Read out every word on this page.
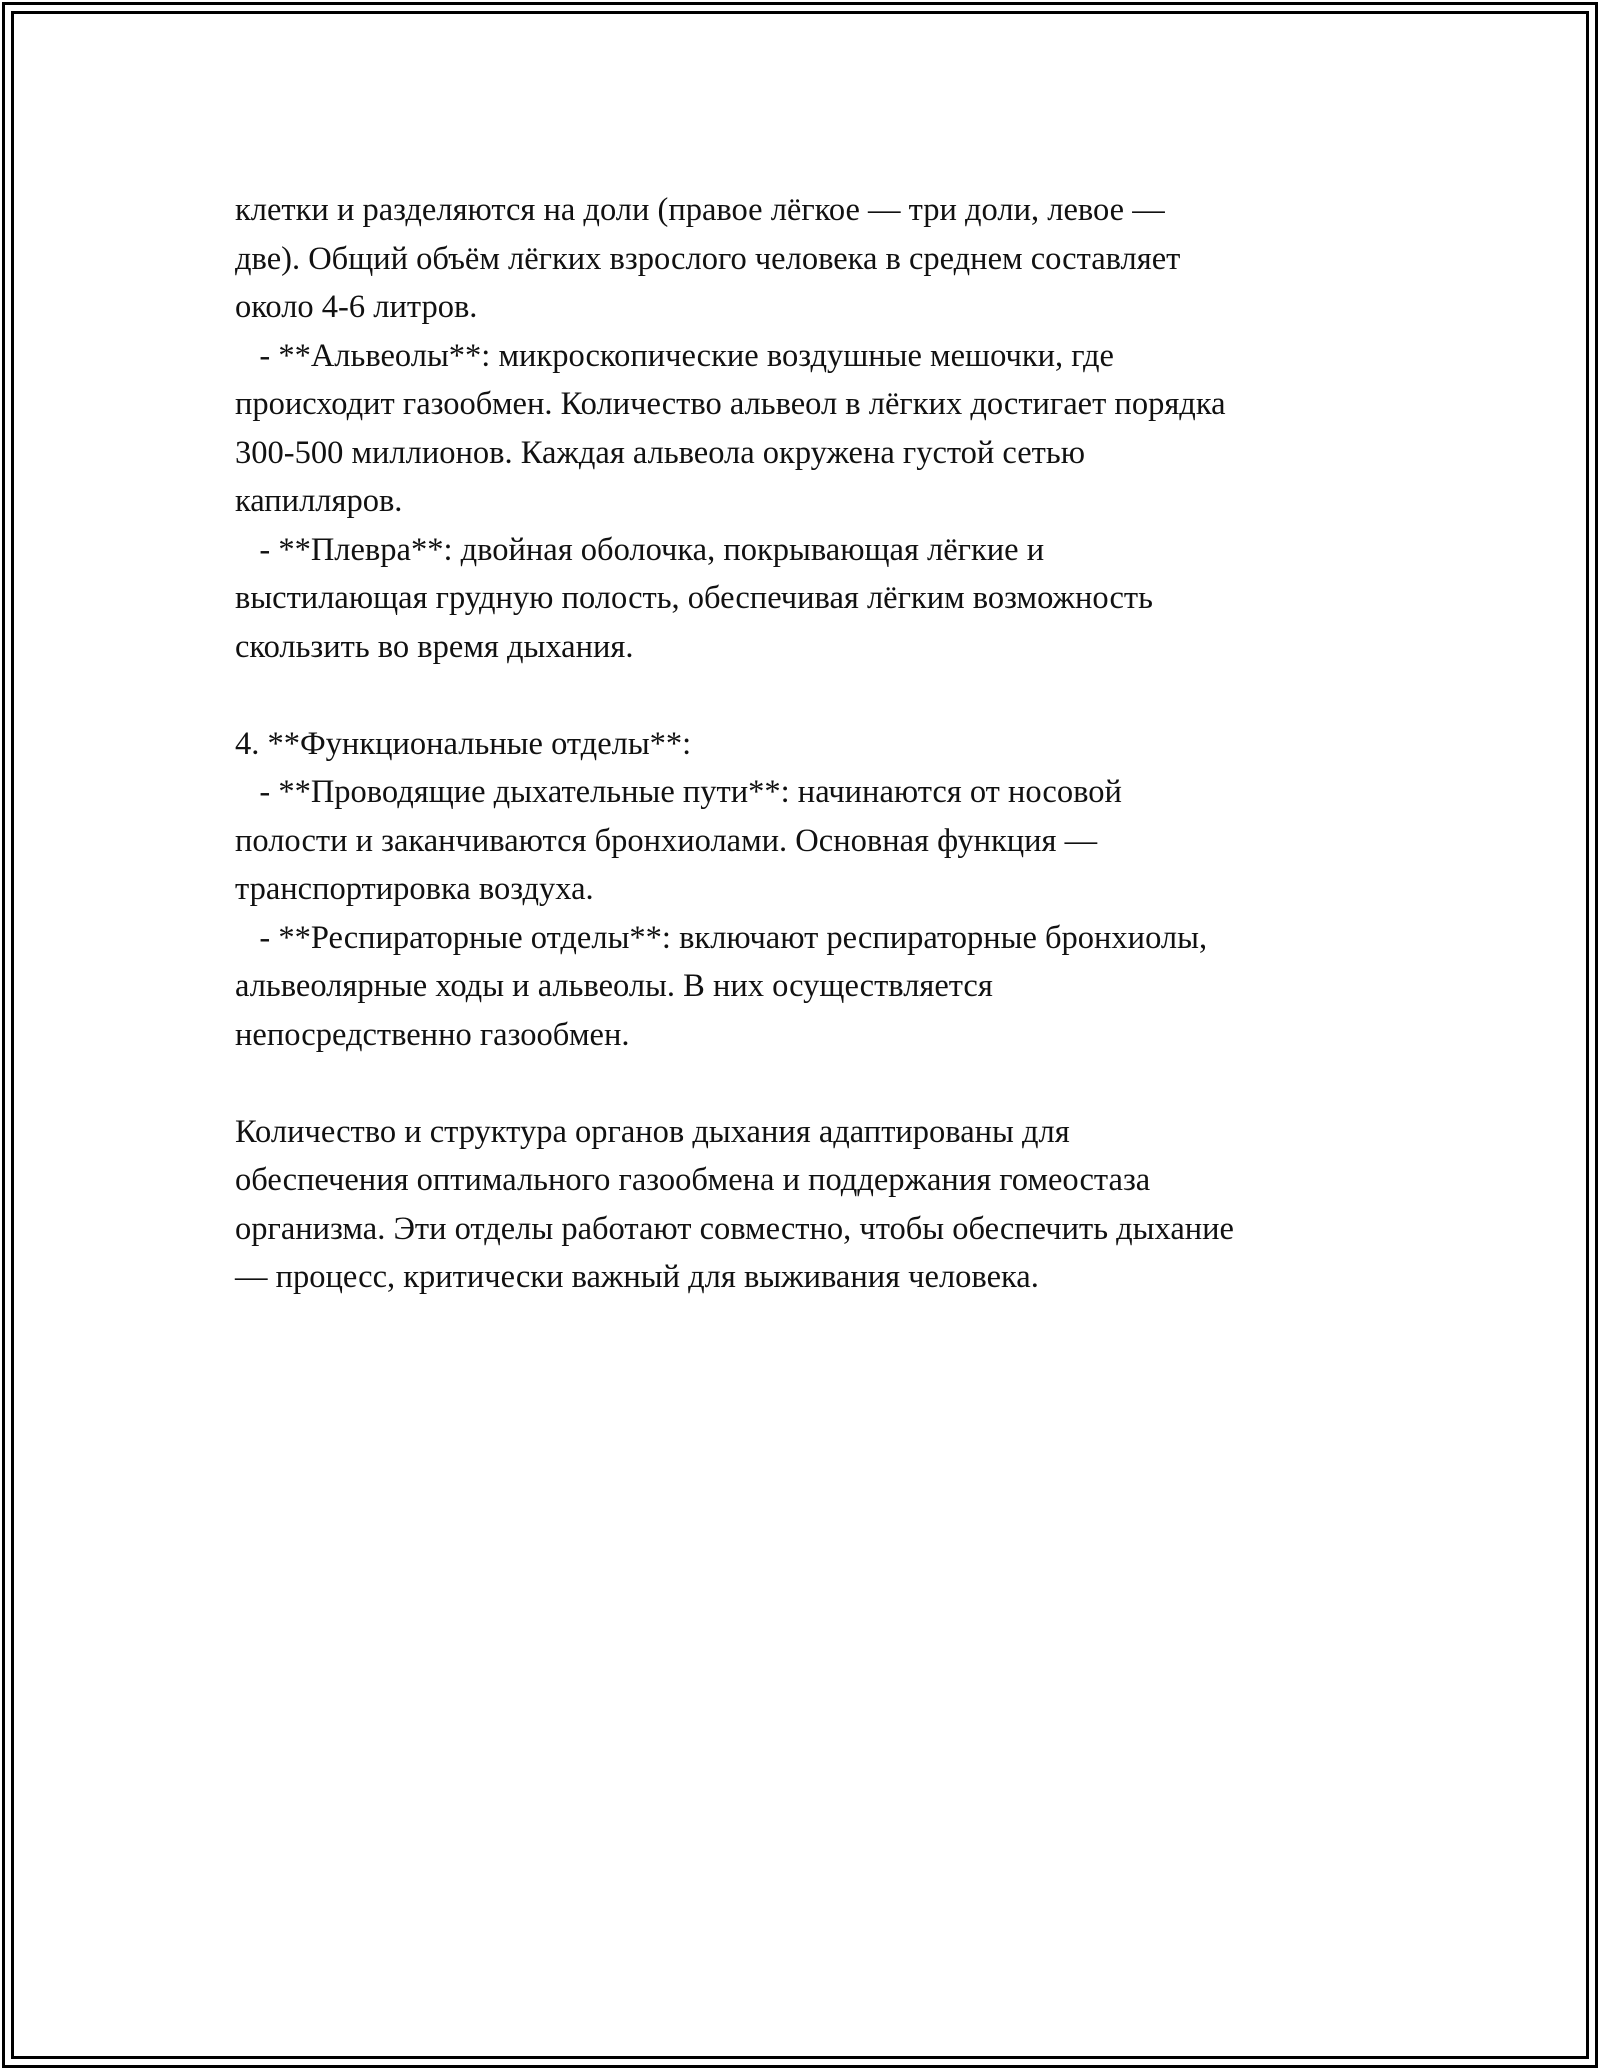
клетки и разделяются на доли (правое лёгкое — три доли, левое —
две). Общий объём лёгких взрослого человека в среднем составляет
около 4-6 литров.
- **Альвеолы**: микроскопические воздушные мешочки, где
происходит газообмен. Количество альвеол в лёгких достигает порядка
300-500 миллионов. Каждая альвеола окружена густой сетью
капилляров.
- **Плевра**: двойная оболочка, покрывающая лёгкие и
выстилающая грудную полость, обеспечивая лёгким возможность
скользить во время дыхания.
4. **Функциональные отделы**:
- **Проводящие дыхательные пути**: начинаются от носовой
полости и заканчиваются бронхиолами. Основная функция —
транспортировка воздуха.
- **Респираторные отделы**: включают респираторные бронхиолы,
альвеолярные ходы и альвеолы. В них осуществляется
непосредственно газообмен.
Количество и структура органов дыхания адаптированы для
обеспечения оптимального газообмена и поддержания гомеостаза
организма. Эти отделы работают совместно, чтобы обеспечить дыхание
— процесс, критически важный для выживания человека.
